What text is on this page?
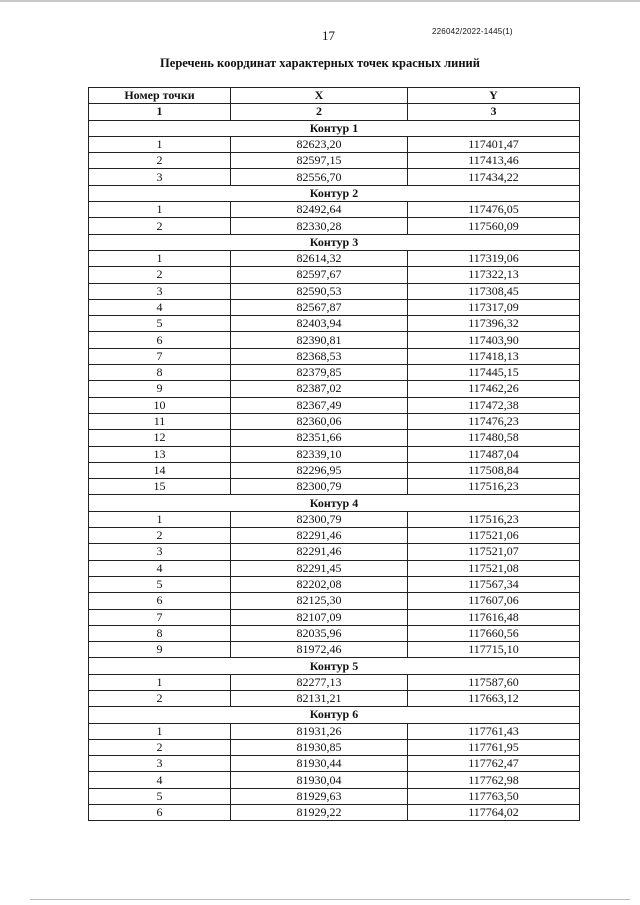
17	226042/2022-1445(1)
Перечень координат характерных точек красных линий
Номер точки	X	Y
1	2	3
Контур 1		
1	82623,20	117401,47
2	82597,15	117413,46
3	82556,70	117434,22
Контур 2		
1	82492,64	117476,05
2	82330,28	117560,09
Контур 3		
1	82614,32	117319,06
2	82597,67	117322,13
3	82590,53	117308,45
4	82567,87	117317,09
5	82403,94	117396,32
6	82390,81	117403,90
7	82368,53	117418,13
8	82379,85	117445,15
9	82387,02	117462,26
10	82367,49	117472,38
11	82360,06	117476,23
12	82351,66	117480,58
13	82339,10	117487,04
14	82296,95	117508,84
15	82300,79	117516,23
Контур 4		
1	82300,79	117516,23
2	82291,46	117521,06
3	82291,46	117521,07
4	82291,45	117521,08
5	82202,08	117567,34
6	82125,30	117607,06
7	82107,09	117616,48
8	82035,96	117660,56
9	81972,46	117715,10
Контур 5		
1	82277,13	117587,60
2	82131,21	117663,12
Контур 6		
1	81931,26	117761,43
2	81930,85	117761,95
3	81930,44	117762,47
4	81930,04	117762,98
5	81929,63	117763,50
6	81929,22	117764,02
